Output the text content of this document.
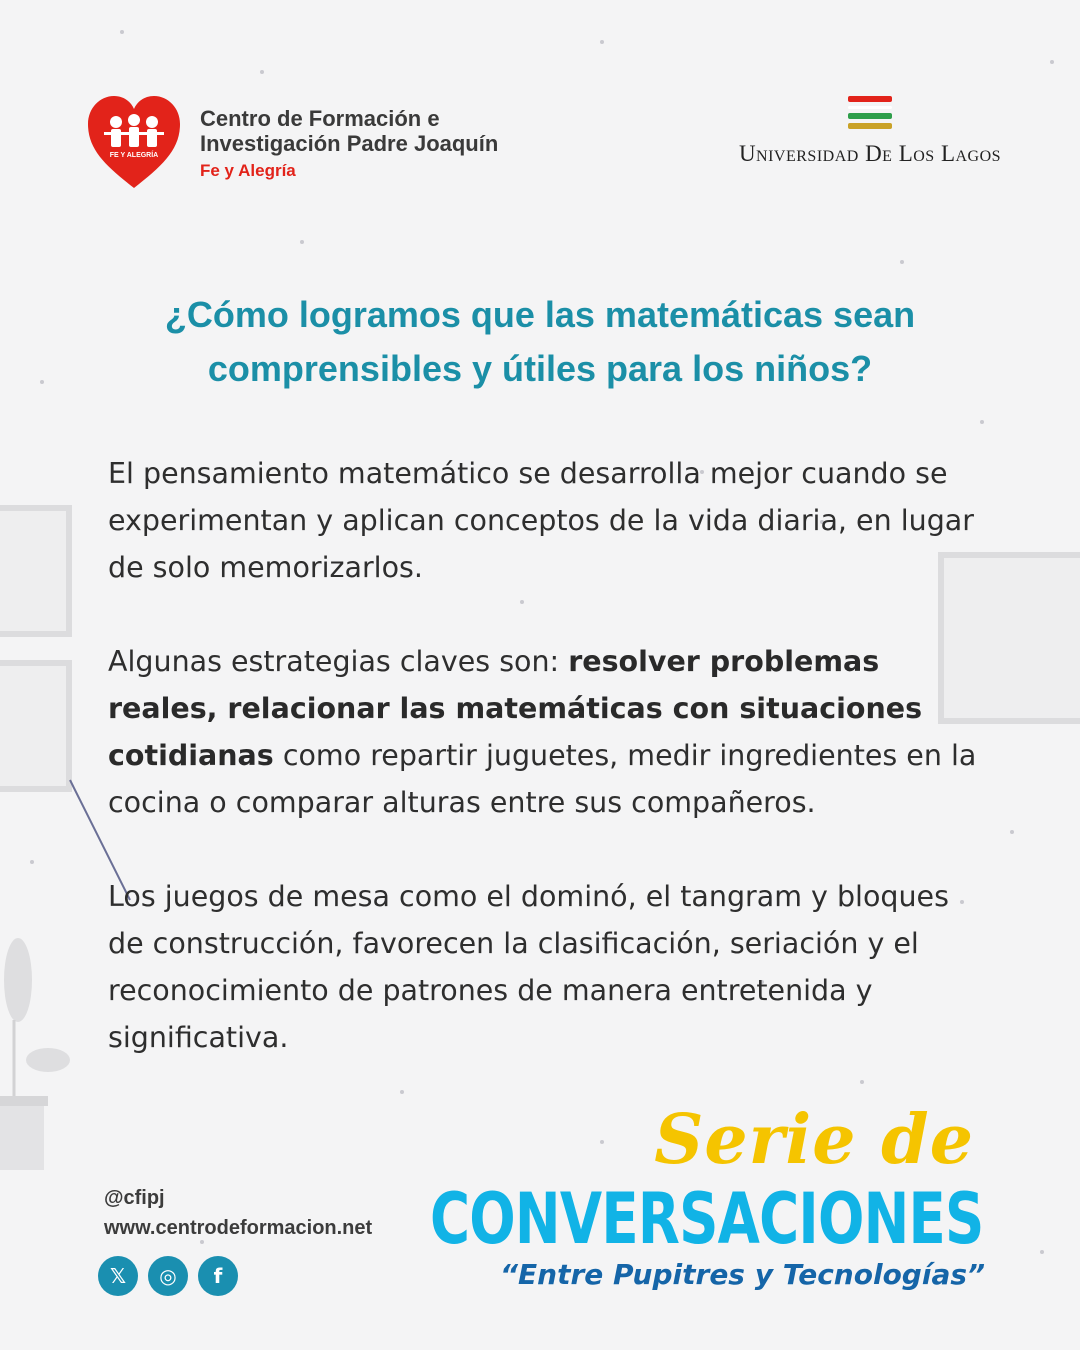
FE Y ALEGRÍA
Centro de Formación e
Investigación Padre Joaquín
Fe y Alegría
Universidad De Los Lagos
¿Cómo logramos que las matemáticas sean
comprensibles y útiles para los niños?

El pensamiento matemático se desarrolla mejor cuando se experimentan y aplican conceptos de la vida diaria, en lugar de solo memorizarlos.

Algunas estrategias claves son: resolver problemas reales, relacionar las matemáticas con situaciones cotidianas como repartir juguetes, medir ingredientes en la cocina o comparar alturas entre sus compañeros.

Los juegos de mesa como el dominó, el tangram y bloques de construcción, favorecen la clasificación, seriación y el reconocimiento de patrones de manera entretenida y significativa.

@cfipj
www.centrodeformacion.net
𝕏	◎	f
Serie de
CONVERSACIONES
“Entre Pupitres y Tecnologías”
